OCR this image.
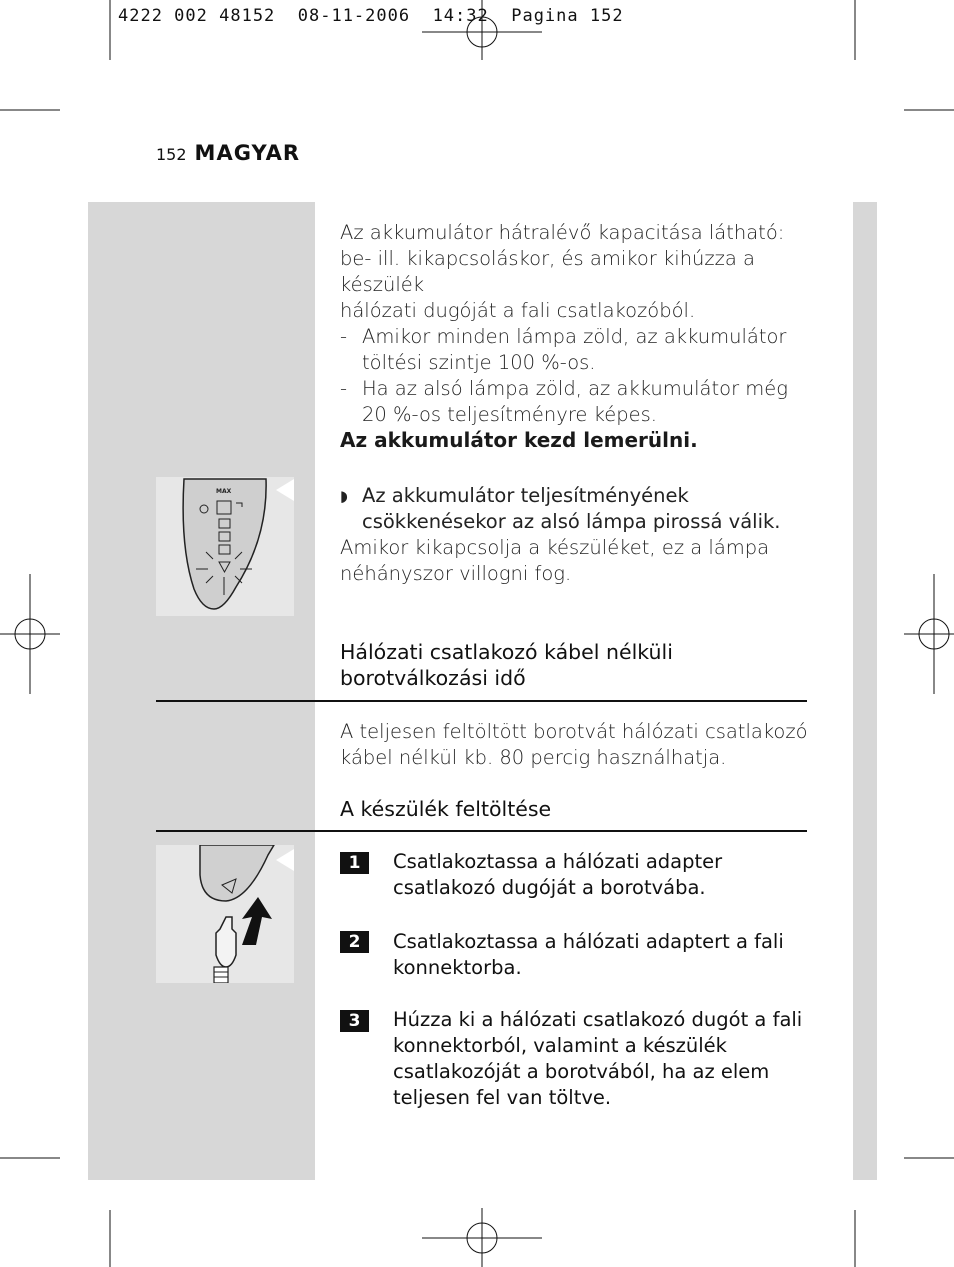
4222 002 48152  08-11-2006  14:32  Pagina 152
152 MAGYAR

Az akkumulátor hátralévő kapacitása látható:

be- ill. kikapcsoláskor, és amikor kihúzza a készülék

hálózati dugóját a fali csatlakozóból.

- Amikor minden lámpa zöld, az akkumulátor

töltési szintje 100 %-os.

- Ha az alsó lámpa zöld, az akkumulátor még

20 %-os teljesítményre képes.

Az akkumulátor kezd lemerülni.
MAX	◗ Az akkumulátor teljesítményének

csökkenésekor az alsó lámpa pirossá válik.

Amikor kikapcsolja a készüléket, ez a lámpa

néhányszor villogni fog.

Hálózati csatlakozó kábel nélküli
borotválkozási idő

A teljesen feltöltött borotvát hálózati csatlakozó

kábel nélkül kb. 80 percig használhatja.

A készülék feltöltése
1	Csatlakoztassa a hálózati adapter
csatlakozó dugóját a borotvába.
2	Csatlakoztassa a hálózati adaptert a fali
konnektorba.
3	Húzza ki a hálózati csatlakozó dugót a fali
konnektorból, valamint a készülék
csatlakozóját a borotvából, ha az elem
teljesen fel van töltve.
